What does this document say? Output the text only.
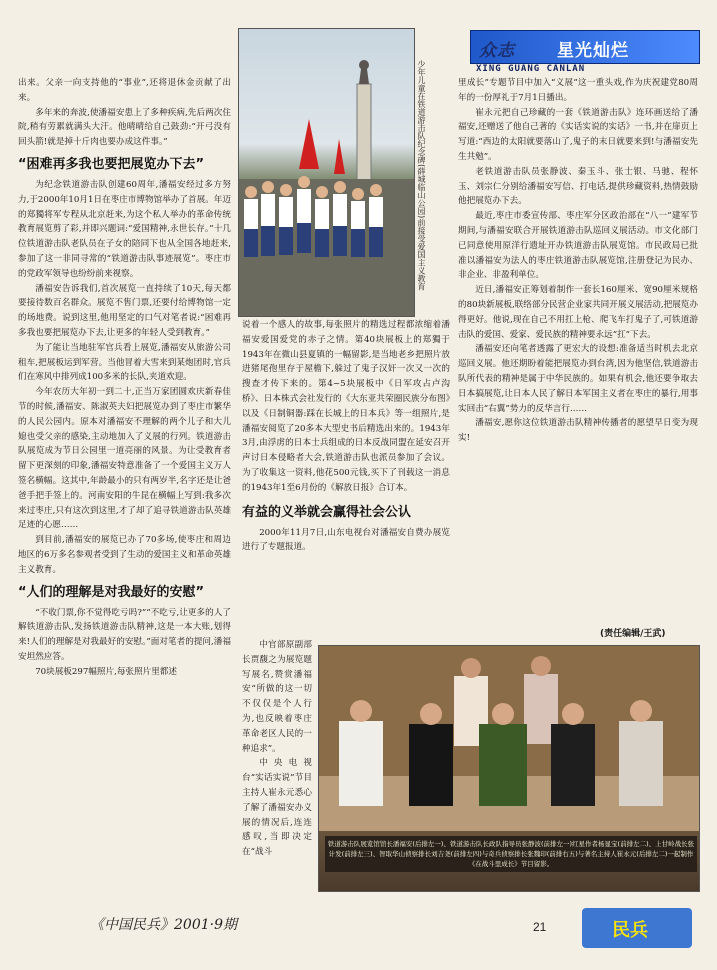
少年儿童在铁道游击队纪念碑(薛城临山公园)前接受爱国主义教育
众志 星光灿烂
XING GUANG CANLAN

出来。父亲一向支持他的“事业”,还将退休金贡献了出来。

多年来的奔波,使潘福安患上了多种疾病,先后两次住院,稍有劳累就满头大汗。他晴晴给自己鼓劲:“开弓没有回头箭!就是掉十斤肉也要办成这件事。”

“困难再多我也要把展览办下去”

为纪念铁道游击队创建60周年,潘福安经过多方努力,于2000年10月1日在枣庄市博物馆举办了首展。年迈的郑獨将军专程从北京赶来,为这个私人举办的革命传统教育展览剪了彩,并即兴题词:“爱国精神,永世长存。”十几位铁道游击队老队员在子女的陪同下也从全国各地赶来,参加了这一非同寻常的“铁道游击队事迹展览”。枣庄市的党政军领导也纷纷前来视察。

潘福安告诉我们,首次展览一直持续了10天,每天都要接待数百名群众。展览不售门票,还要付给博物馆一定的场地费。说到这里,他用坚定的口气对笔者说:“困难再多我也要把展览办下去,让更多的年轻人受到教育。”

为了能让当地驻军官兵看上展览,潘福安从旅游公司租车,把展板运到军营。当他冒着大雪来到某炮团时,官兵们在寒风中排列成100多米的长队,夹道欢迎。

今年农历大年初一到二十,正当万家团圆欢庆新春佳节的时候,潘福安、陈淑英夫妇把展览办到了枣庄市繁华的人民公园内。原本对潘福安不理解的两个儿子和大儿媳也受父亲的感染,主动地加入了义展的行列。铁道游击队展览成为节日公园里一道亮丽的风景。为让受教育者留下更深刻的印象,潘福安特意准备了一个爱国主义万人签名横幅。这其中,年龄最小的只有两岁半,名字还是让爸爸手把手签上的。河南安阳的牛昆在横幅上写到:我多次来过枣庄,只有这次到这里,才了却了追寻铁道游击队英雄足迹的心愿……

到目前,潘福安的展览已办了70多场,使枣庄和周边地区的6万多名参观者受到了生动的爱国主义和革命英雄主义教育。

“人们的理解是对我最好的安慰”

“不收门票,你不觉得吃亏吗?”“不吃亏,让更多的人了解铁道游击队,发扬铁道游击队精神,这是一本大账,划得来!人们的理解是对我最好的安慰。”面对笔者的提问,潘福安坦然应答。

70块展板297幅照片,每张照片里都述

说着一个感人的故事,每张照片的精选过程都浓缩着潘福安爱国爱党的赤子之情。第40块展板上的郑獨于1943年在微山县夏镇的一幅留影,是当地老乡把照片放进猪尾孢里存于屋檐下,躲过了鬼子汉奸一次又一次的搜查才传下来的。第4~5块展板中《日军攻占卢沟桥》、日本株式会社发行的《大东亚共荣圈民族分布图》以及《日制铜器:踩在长城上的日本兵》等一组照片,是潘福安阅览了20多本大型史书后精选出来的。1943年3月,由浮虏的日本士兵组成的日本反战同盟在延安召开声讨日本侵略者大会,铁道游击队也派员参加了会议。为了收集这一资料,他花500元钱,买下了刊载这一消息的1943年1至6月份的《解放日报》合订本。

有益的义举就会赢得社会公认

2000年11月7日,山东电视台对潘福安自费办展览进行了专题报道。

中官部原副部长贾馥之为展览题写展名,赞赏潘福安“所做的这一切不仅仅是个人行为,也反映着枣庄革命老区人民的一种追求”。

中央电视台“实话实说”节目主持人崔永元悉心了解了潘福安办义展的情况后,连连感叹,当即决定在“战斗

里成长”专题节目中加入“义展”这一重头戏,作为庆祝建党80周年的一份厚礼于7月1日播出。

崔永元把自己珍藏的一套《铁道游击队》连环画送给了潘福安,还赠送了他自己著的《实话实说的实话》一书,并在扉页上写道:“西边的太阳就要落山了,鬼子的末日就要来到!与潘福安先生共勉”。

老铁道游击队员张静波、秦玉斗、张士银、马驰、程怀玉、刘宗仁分别给潘福安写信、打电话,提供珍藏资料,热情鼓励他把展览办下去。

最近,枣庄市委宣传部、枣庄军分区政治部在“八一”建军节期间,与潘福安联合开展铁道游击队巡回义展活动。市文化部门已同意使用原洋行遗址开办铁道游击队展览馆。市民政局已批准以潘福安为法人的枣庄铁道游击队展览馆,注册登记为民办、非企业、非盈利单位。

近日,潘福安正筹划着制作一套长160厘米、宽90厘米规格的80块新展板,联络部分民营企业家共同开展义展活动,把展览办得更好。他说,现在自己不用扛上枪、爬飞车打鬼子了,可铁道游击队的爱国、爱家、爱民族的精神要永远“扛”下去。

潘福安还向笔者透露了更宏大的设想:准备适当时机去北京巡回义展。他还期盼着能把展览办到台湾,因为他坚信,铁道游击队所代表的精神是属于中华民族的。如果有机会,他还要争取去日本搞展览,让日本人民了解日本军国主义者在枣庄的暴行,用事实回击“右翼”势力的反华言行……

潘福安,愿你这位铁道游击队精神传播者的愿望早日变为现实!

(责任编辑/王武)
铁道游击队展览馆馆长潘福安(后排左一)、铁道游击队长政队指导员张静波(前排左一)红星作者杨显宝(前排左二)、上甘岭战长张计发(前排左三)、智取华山侦察排长刘吉尧(前排左四)与奇兵侦察排长张魏印(前排右五)与著名主持人崔永元(后排左二)一起制作《在战斗里成长》节目留影。
《中国民兵》2001·9期	21	民兵
